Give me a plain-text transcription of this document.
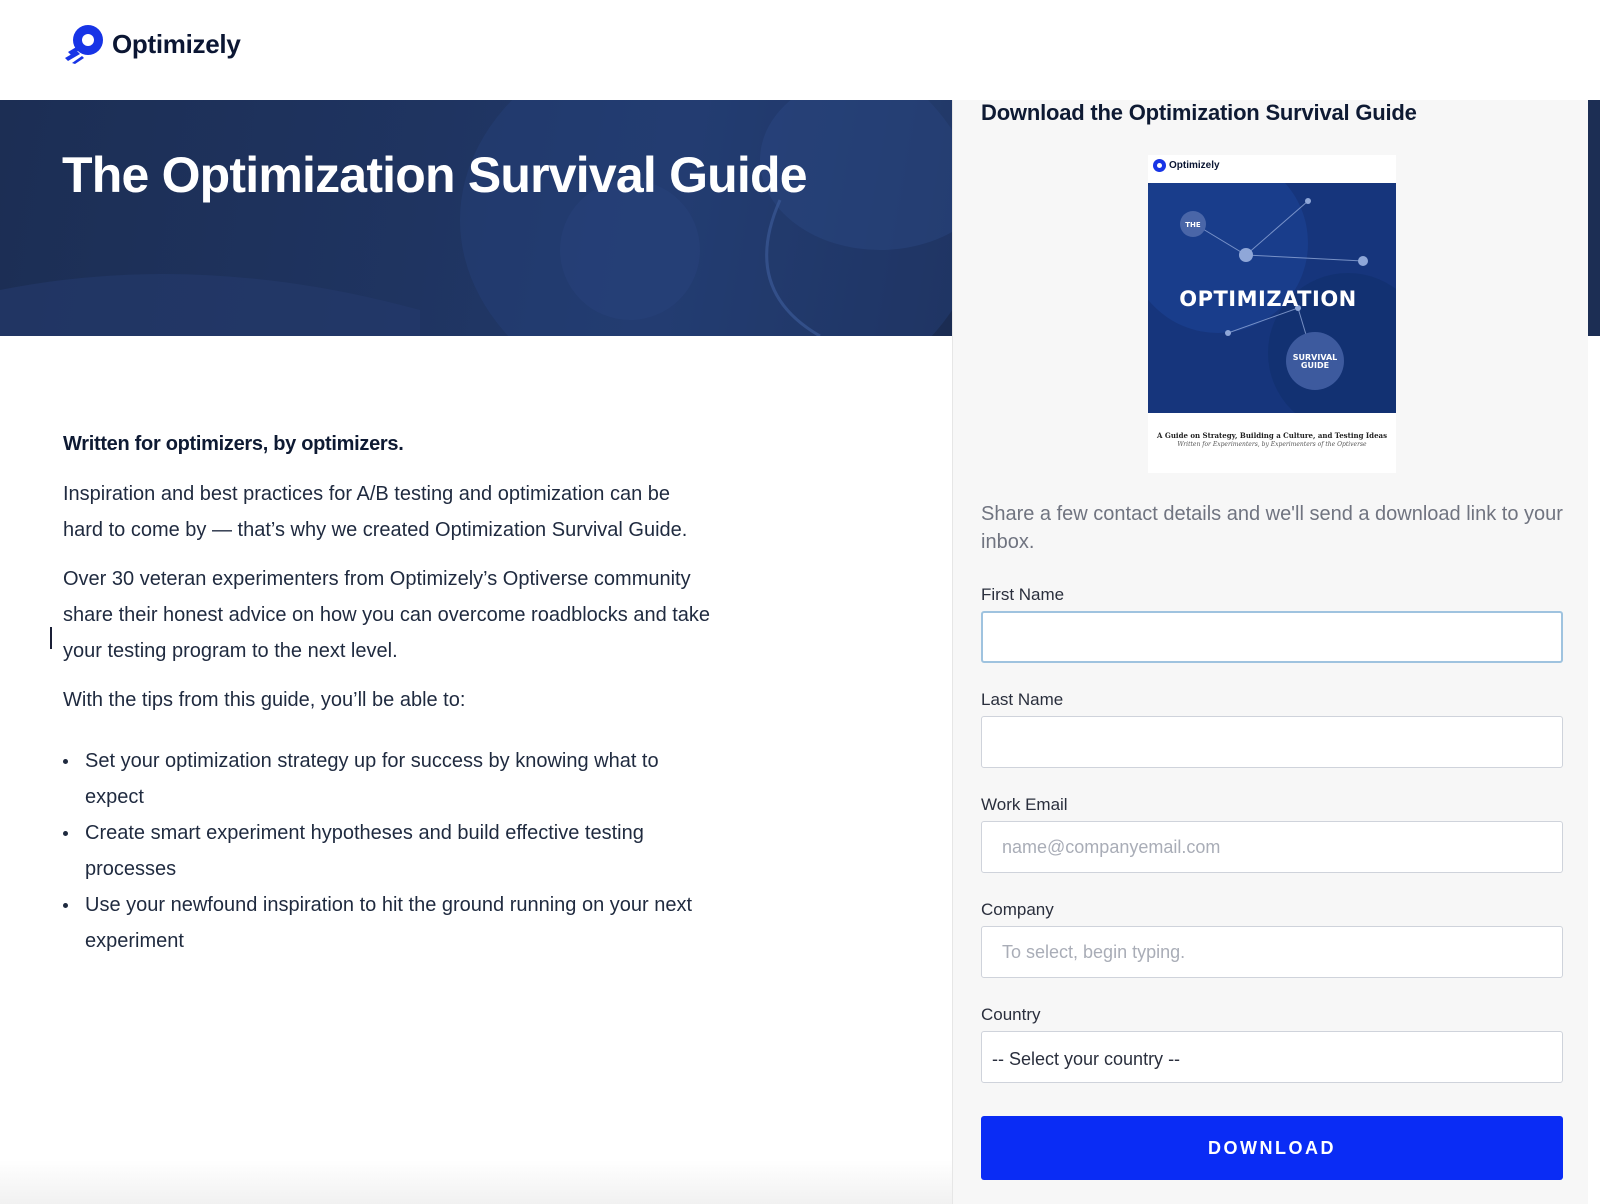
Optimizely
The Optimization Survival Guide

Written for optimizers, by optimizers.

Inspiration and best practices for A/B testing and optimization can be hard to come by — that’s why we created Optimization Survival Guide.

Over 30 veteran experimenters from Optimizely’s Optiverse community share their honest advice on how you can overcome roadblocks and take your testing program to the next level.

With the tips from this guide, you’ll be able to:

Set your optimization strategy up for success by knowing what to expect
Create smart experiment hypotheses and build effective testing processes
Use your newfound inspiration to hit the ground running on your next experiment
Download the Optimization Survival Guide
Optimizely
THE
OPTIMIZATION
SURVIVAL
GUIDE
A Guide on Strategy, Building a Culture, and Testing Ideas
Written for Experimenters, by Experimenters of the Optiverse

Share a few contact details and we'll send a download link to your inbox.

First Name
Last Name
Work Email
name@companyemail.com
Company
To select, begin typing.
Country
-- Select your country --
DOWNLOAD
